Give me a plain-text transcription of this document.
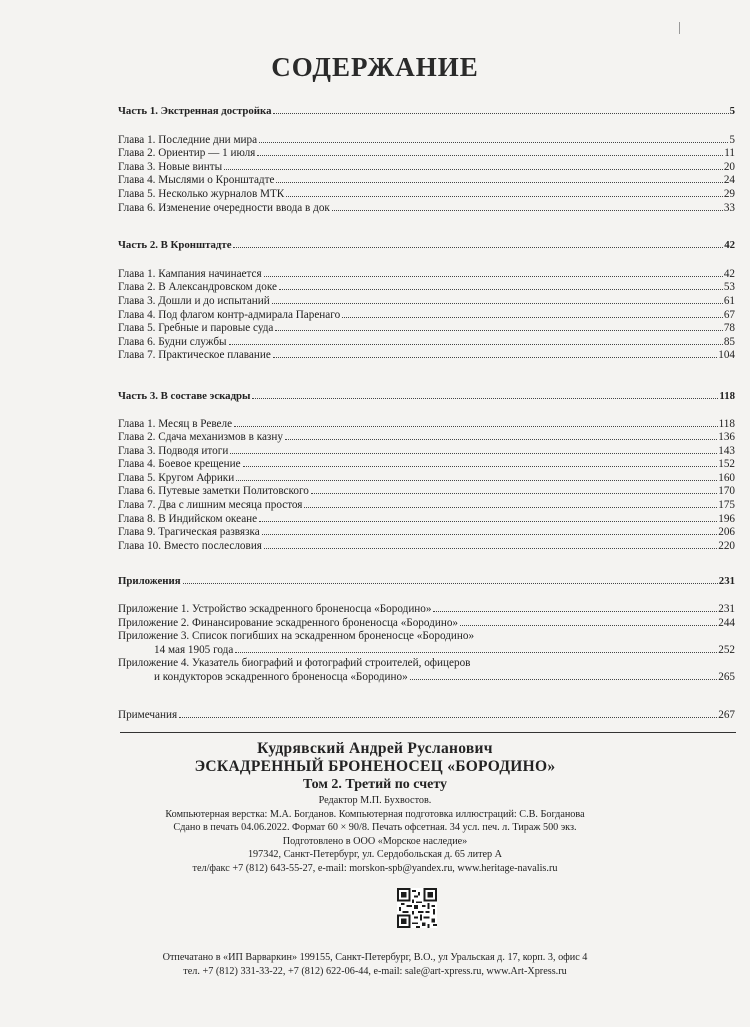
СОДЕРЖАНИЕ
Часть 1. Экстренная достройка	5
Глава 1. Последние дни мира	5
Глава 2. Ориентир — 1 июля	11
Глава 3. Новые винты	20
Глава 4. Мыслями о Кронштадте	24
Глава 5. Несколько журналов МТК	29
Глава 6. Изменение очередности ввода в док	33
Часть 2. В Кронштадте	42
Глава 1. Кампания начинается	42
Глава 2. В Александровском доке	53
Глава 3. Дошли и до испытаний	61
Глава 4. Под флагом контр-адмирала Паренаго	67
Глава 5. Гребные и паровые суда	78
Глава 6. Будни службы	85
Глава 7. Практическое плавание	104
Часть 3. В составе эскадры	118
Глава 1. Месяц в Ревеле	118
Глава 2. Сдача механизмов в казну	136
Глава 3. Подводя итоги	143
Глава 4. Боевое крещение	152
Глава 5. Кругом Африки	160
Глава 6. Путевые заметки Политовского	170
Глава 7. Два с лишним месяца простоя	175
Глава 8. В Индийском океане	196
Глава 9. Трагическая развязка	206
Глава 10. Вместо послесловия	220
Приложения	231
Приложение 1. Устройство эскадренного броненосца «Бородино»	231
Приложение 2. Финансирование эскадренного броненосца «Бородино»	244
Приложение 3. Список погибших на эскадренном броненосце «Бородино»
14 мая 1905 года	252
Приложение 4. Указатель биографий и фотографий строителей, офицеров
и кондукторов эскадренного броненосца «Бородино»	265
Примечания	267
Кудрявский Андрей Русланович
ЭСКАДРЕННЫЙ БРОНЕНОСЕЦ «БОРОДИНО»
Том 2. Третий по счету
Редактор М.П. Бухвостов.
Компьютерная верстка: М.А. Богданов. Компьютерная подготовка иллюстраций: С.В. Богданова
Сдано в печать 04.06.2022. Формат 60 × 90/8. Печать офсетная. 34 усл. печ. л. Тираж 500 экз.
Подготовлено в ООО «Морское наследие»
197342, Санкт-Петербург, ул. Сердобольская д. 65 литер А
тел/факс +7 (812) 643-55-27, e-mail: morskon-spb@yandex.ru, www.heritage-navalis.ru
Отпечатано в «ИП Варваркин» 199155, Санкт-Петербург, В.О., ул Уральская д. 17, корп. 3, офис 4
тел. +7 (812) 331-33-22, +7 (812) 622-06-44, e-mail: sale@art-xpress.ru, www.Art-Xpress.ru
